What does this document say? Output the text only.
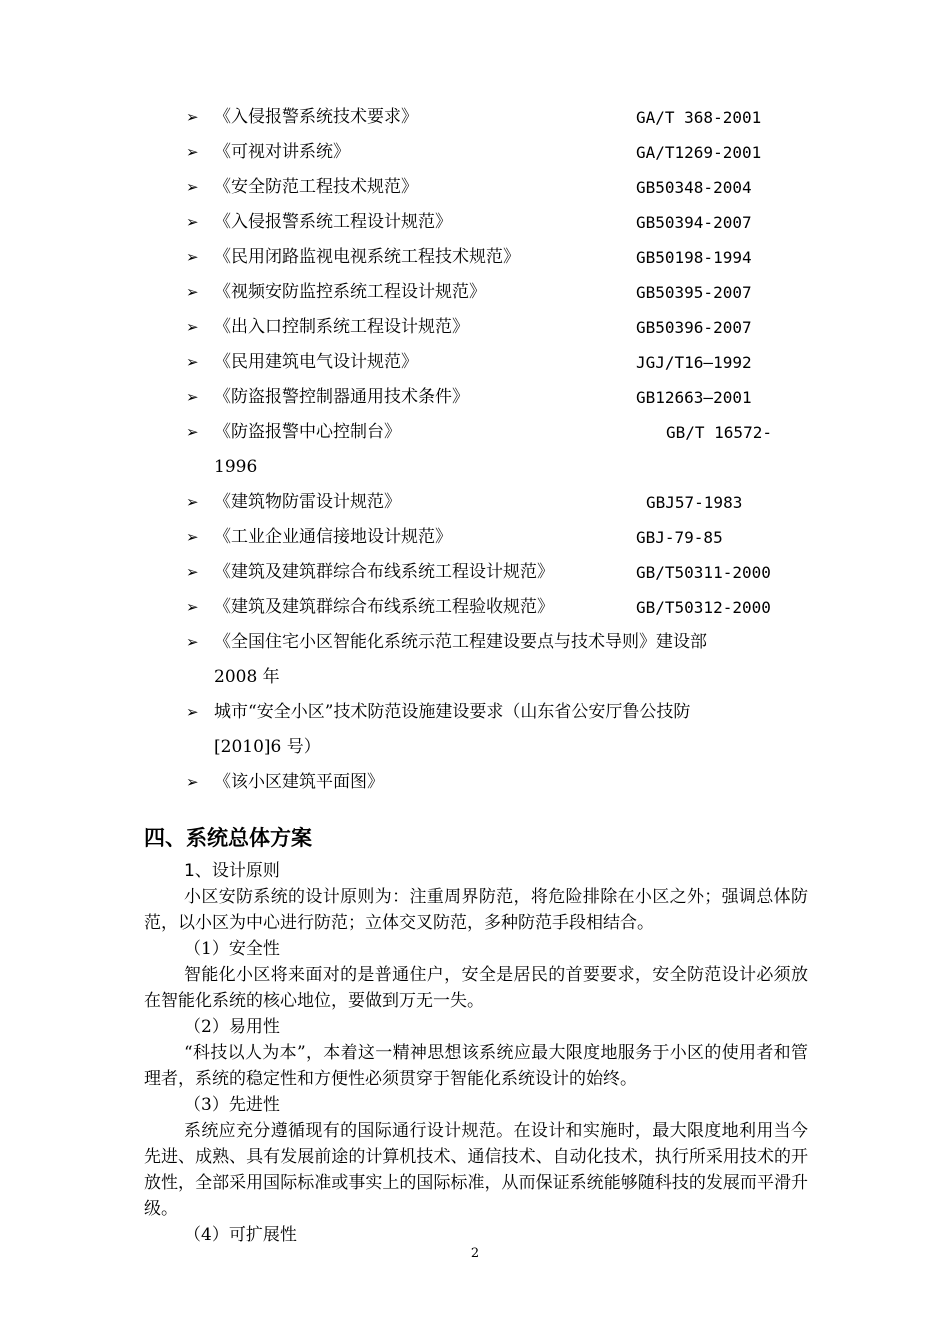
➢ 《入侵报警系统技术要求》	GA/T 368-2001
➢ 《可视对讲系统》	GA/T1269-2001
➢ 《安全防范工程技术规范》	GB50348-2004
➢ 《入侵报警系统工程设计规范》	GB50394-2007
➢ 《民用闭路监视电视系统工程技术规范》	GB50198-1994
➢ 《视频安防监控系统工程设计规范》	GB50395-2007
➢ 《出入口控制系统工程设计规范》	GB50396-2007
➢ 《民用建筑电气设计规范》	JGJ/T16—1992
➢ 《防盗报警控制器通用技术条件》	GB12663—2001
➢ 《防盗报警中心控制台》	GB/T 16572-
1996
➢ 《建筑物防雷设计规范》	GBJ57-1983
➢ 《工业企业通信接地设计规范》	GBJ-79-85
➢ 《建筑及建筑群综合布线系统工程设计规范》	GB/T50311-2000
➢ 《建筑及建筑群综合布线系统工程验收规范》	GB/T50312-2000
➢ 《全国住宅小区智能化系统示范工程建设要点与技术导则》建设部
2008 年
➢ 城市“安全小区”技术防范设施建设要求（山东省公安厅鲁公技防
[2010]6 号）
➢ 《该小区建筑平面图》
四、系统总体方案

1、设计原则

小区安防系统的设计原则为：注重周界防范，将危险排除在小区之外；强调总体防范，以小区为中心进行防范；立体交叉防范，多种防范手段相结合。

（1）安全性

智能化小区将来面对的是普通住户，安全是居民的首要要求，安全防范设计必须放在智能化系统的核心地位，要做到万无一失。

（2）易用性

“科技以人为本”，本着这一精神思想该系统应最大限度地服务于小区的使用者和管理者，系统的稳定性和方便性必须贯穿于智能化系统设计的始终。

（3）先进性

系统应充分遵循现有的国际通行设计规范。在设计和实施时，最大限度地利用当今先进、成熟、具有发展前途的计算机技术、通信技术、自动化技术，执行所采用技术的开放性，全部采用国际标准或事实上的国际标准，从而保证系统能够随科技的发展而平滑升级。

（4）可扩展性

2
